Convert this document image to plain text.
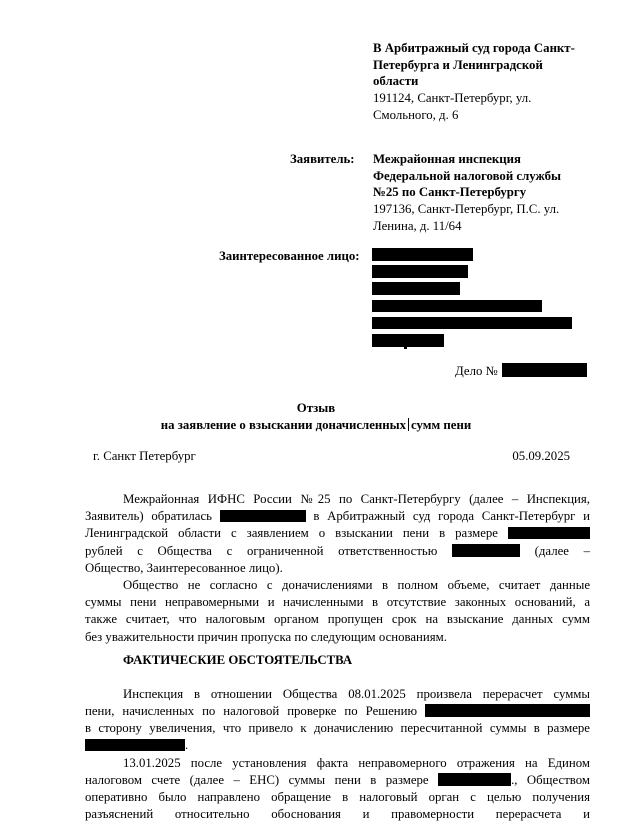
В Арбитражный суд города Санкт-
Петербурга и Ленинградской
области
191124, Санкт-Петербург, ул.
Смольного, д. 6
Заявитель: Межрайонная инспекция
Федеральной налоговой службы
№25 по Санкт-Петербургу
197136, Санкт-Петербург, П.С. ул.
Ленина, д. 11/64
Заинтересованное лицо:
Дело №
Отзыв
на заявление о взыскании доначисленных сумм пени
г. Санкт Петербург	05.09.2025
Межрайонная ИФНС России №25 по Санкт-Петербургу (далее – Инспекция,
Заявитель) обратилась	в Арбитражный суд города Санкт-Петербург и
Ленинградской области с заявлением о взыскании пени в размере
рублей с Общества с ограниченной ответственностью	(далее –
Общество, Заинтересованное лицо).
Общество не согласно с доначислениями в полном объеме, считает данные
суммы пени неправомерными и начисленными в отсутствие законных оснований, а
также считает, что налоговым органом пропущен срок на взыскание данных сумм
без уважительности причин пропуска по следующим основаниям.
ФАКТИЧЕСКИЕ ОБСТОЯТЕЛЬСТВА
Инспекция в отношении Общества 08.01.2025 произвела перерасчет суммы
пени, начисленных по налоговой проверке по Решению
в сторону увеличения, что привело к доначислению пересчитанной суммы в размере
.
13.01.2025 после установления факта неправомерного отражения на Едином
налоговом счете (далее – ЕНС) суммы пени в размере	., Обществом
оперативно было направлено обращение в налоговый орган с целью получения
разъяснений относительно обоснования и правомерности перерасчета и
